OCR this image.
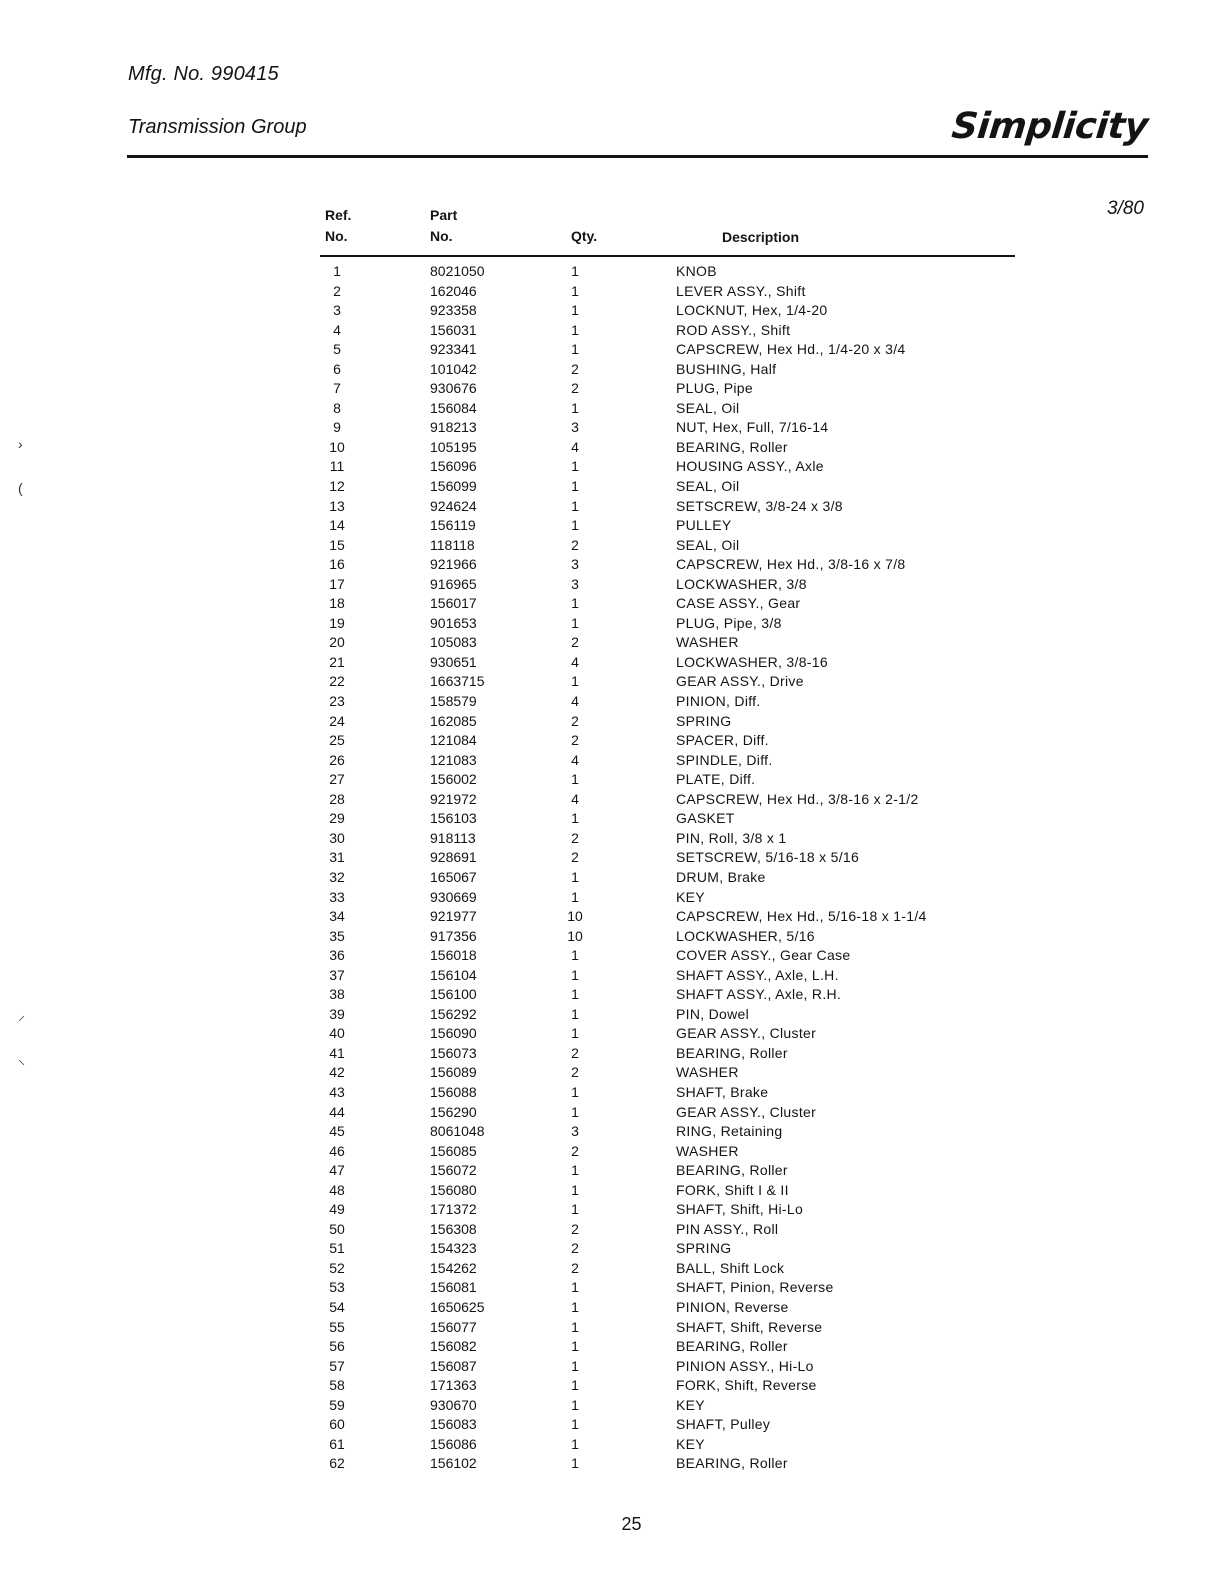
Mfg. No. 990415
Transmission Group	Simplicity
3/80
Ref.
No.
Part
No.	Qty.	Description
1	8021050	1	KNOB
2	162046	1	LEVER ASSY., Shift
3	923358	1	LOCKNUT, Hex, 1/4-20
4	156031	1	ROD ASSY., Shift
5	923341	1	CAPSCREW, Hex Hd., 1/4-20 x 3/4
6	101042	2	BUSHING, Half
7	930676	2	PLUG, Pipe
8	156084	1	SEAL, Oil
9	918213	3	NUT, Hex, Full, 7/16-14
10	105195	4	BEARING, Roller
11	156096	1	HOUSING ASSY., Axle
12	156099	1	SEAL, Oil
13	924624	1	SETSCREW, 3/8-24 x 3/8
14	156119	1	PULLEY
15	118118	2	SEAL, Oil
16	921966	3	CAPSCREW, Hex Hd., 3/8-16 x 7/8
17	916965	3	LOCKWASHER, 3/8
18	156017	1	CASE ASSY., Gear
19	901653	1	PLUG, Pipe, 3/8
20	105083	2	WASHER
21	930651	4	LOCKWASHER, 3/8-16
22	1663715	1	GEAR ASSY., Drive
23	158579	4	PINION, Diff.
24	162085	2	SPRING
25	121084	2	SPACER, Diff.
26	121083	4	SPINDLE, Diff.
27	156002	1	PLATE, Diff.
28	921972	4	CAPSCREW, Hex Hd., 3/8-16 x 2-1/2
29	156103	1	GASKET
30	918113	2	PIN, Roll, 3/8 x 1
31	928691	2	SETSCREW, 5/16-18 x 5/16
32	165067	1	DRUM, Brake
33	930669	1	KEY
34	921977	10	CAPSCREW, Hex Hd., 5/16-18 x 1-1/4
35	917356	10	LOCKWASHER, 5/16
36	156018	1	COVER ASSY., Gear Case
37	156104	1	SHAFT ASSY., Axle, L.H.
38	156100	1	SHAFT ASSY., Axle, R.H.
39	156292	1	PIN, Dowel
40	156090	1	GEAR ASSY., Cluster
41	156073	2	BEARING, Roller
42	156089	2	WASHER
43	156088	1	SHAFT, Brake
44	156290	1	GEAR ASSY., Cluster
45	8061048	3	RING, Retaining
46	156085	2	WASHER
47	156072	1	BEARING, Roller
48	156080	1	FORK, Shift I & II
49	171372	1	SHAFT, Shift, Hi-Lo
50	156308	2	PIN ASSY., Roll
51	154323	2	SPRING
52	154262	2	BALL, Shift Lock
53	156081	1	SHAFT, Pinion, Reverse
54	1650625	1	PINION, Reverse
55	156077	1	SHAFT, Shift, Reverse
56	156082	1	BEARING, Roller
57	156087	1	PINION ASSY., Hi-Lo
58	171363	1	FORK, Shift, Reverse
59	930670	1	KEY
60	156083	1	SHAFT, Pulley
61	156086	1	KEY
62	156102	1	BEARING, Roller
25
›
(
⸝
⸜
